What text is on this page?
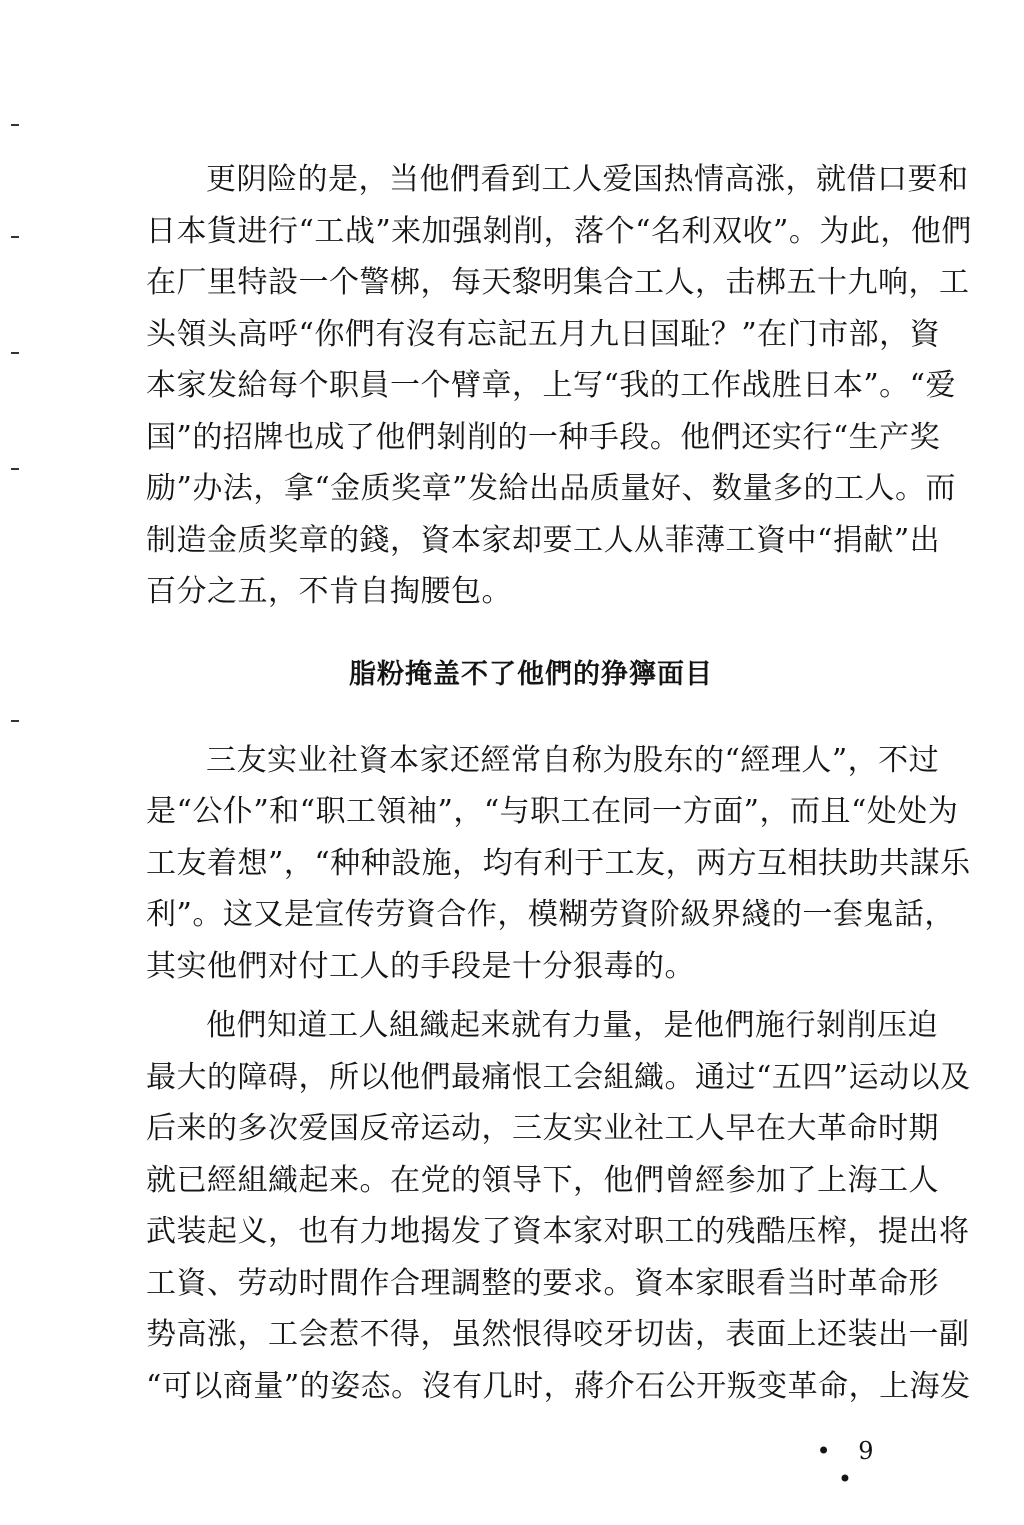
更阴险的是，当他們看到工人爱国热情高涨，就借口要和
日本貨进行“工战”来加强剝削，落个“名利双收”。为此，他們
在厂里特設一个警梆，每天黎明集合工人，击梆五十九响，工
头領头高呼“你們有沒有忘記五月九日国耻？”在门市部，資
本家发給每个职員一个臂章，上写“我的工作战胜日本”。“爱
国”的招牌也成了他們剝削的一种手段。他們还实行“生产奖
励”办法，拿“金质奖章”发給出品质量好、数量多的工人。而
制造金质奖章的錢，資本家却要工人从菲薄工資中“捐献”出
百分之五，不肯自掏腰包。
脂粉掩盖不了他們的狰獰面目
三友实业社資本家还經常自称为股东的“經理人”，不过
是“公仆”和“职工領袖”，“与职工在同一方面”，而且“处处为
工友着想”，“种种設施，均有利于工友，两方互相扶助共謀乐
利”。这又是宣传劳資合作，模糊劳資阶級界綫的一套鬼話，
其实他們对付工人的手段是十分狠毒的。
他們知道工人組織起来就有力量，是他們施行剝削压迫
最大的障碍，所以他們最痛恨工会組織。通过“五四”运动以及
后来的多次爱国反帝运动，三友实业社工人早在大革命时期
就已經組織起来。在党的領导下，他們曾經参加了上海工人
武装起义，也有力地揭发了資本家对职工的残酷压榨，提出将
工資、劳动时間作合理調整的要求。資本家眼看当时革命形
势高涨，工会惹不得，虽然恨得咬牙切齿，表面上还装出一副
“可以商量”的姿态。沒有几时，蔣介石公开叛变革命，上海发
• 9 •
